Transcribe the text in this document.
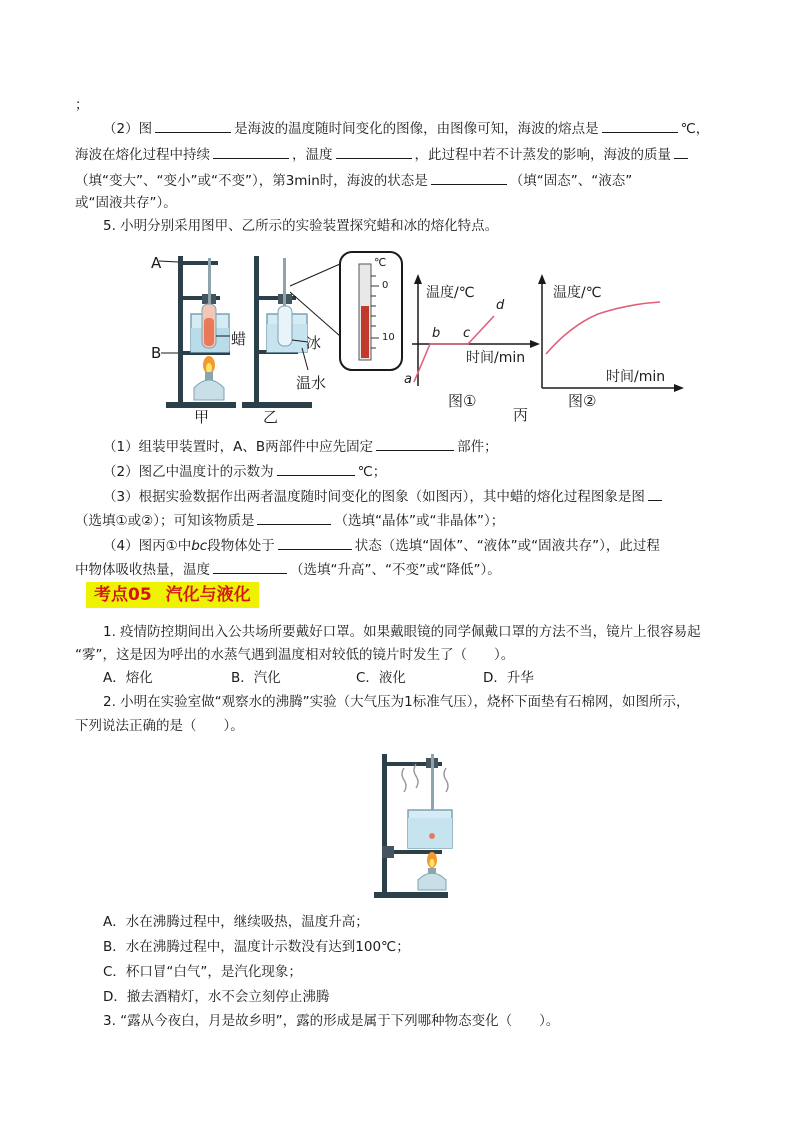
；
（2）图	是海波的温度随时间变化的图像，由图像可知，海波的熔点是	℃，
海波在熔化过程中持续	，温度	，此过程中若不计蒸发的影响，海波的质量
（填“变大”、“变小”或“不变”），第3min时，海波的状态是	（填“固态”、“液态”
或“固液共存”）。
5. 小明分别采用图甲、乙所示的实验装置探究蜡和冰的熔化特点。
A
B
蜡	冰
温水
甲	乙	丙
℃
0
10
温度/℃
时间/min
a
b c
d
图①
温度/℃
时间/min
图②
（1）组装甲装置时，A、B两部件中应先固定	部件；
（2）图乙中温度计的示数为	℃；
（3）根据实验数据作出两者温度随时间变化的图象（如图丙），其中蜡的熔化过程图象是图
（选填①或②）；可知该物质是	（选填“晶体”或“非晶体”）；
（4）图丙①中bc段物体处于	状态（选填“固体”、“液体”或“固液共存”），此过程
中物体吸收热量，温度	（选填“升高”、“不变”或“降低”）。
考点05 汽化与液化
1. 疫情防控期间出入公共场所要戴好口罩。如果戴眼镜的同学佩戴口罩的方法不当，镜片上很容易起
“雾”，这是因为呼出的水蒸气遇到温度相对较低的镜片时发生了（　　）。
A．熔化	B．汽化	C．液化	D．升华
2. 小明在实验室做“观察水的沸腾”实验（大气压为1标准气压），烧杯下面垫有石棉网，如图所示，
下列说法正确的是（　　）。
A．水在沸腾过程中，继续吸热，温度升高；
B．水在沸腾过程中，温度计示数没有达到100℃；
C．杯口冒“白气”，是汽化现象；
D．撤去酒精灯，水不会立刻停止沸腾
3. “露从今夜白，月是故乡明”，露的形成是属于下列哪种物态变化（　　）。
